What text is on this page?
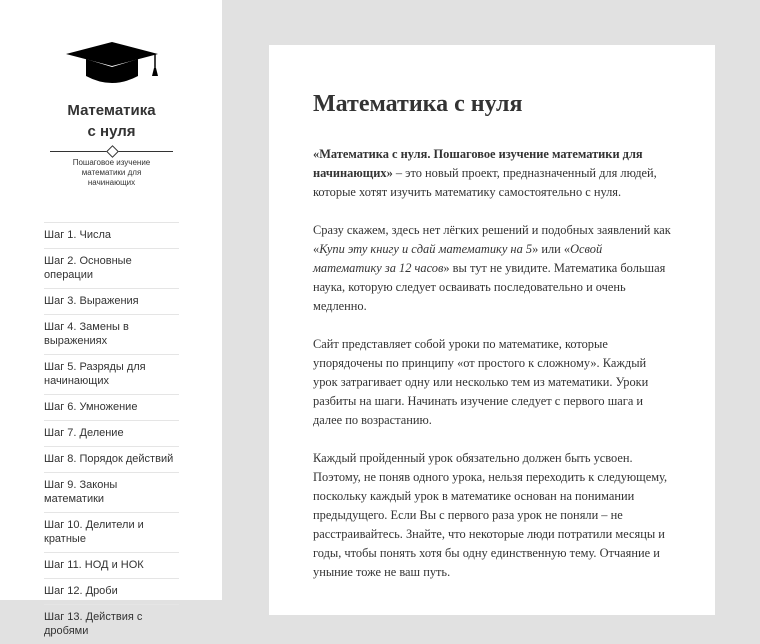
Математика
с нуля
Пошаговое изучение
математики для
начинающих
Шаг 1. Числа
Шаг 2. Основные операции
Шаг 3. Выражения
Шаг 4. Замены в выражениях
Шаг 5. Разряды для начинающих
Шаг 6. Умножение
Шаг 7. Деление
Шаг 8. Порядок действий
Шаг 9. Законы математики
Шаг 10. Делители и кратные
Шаг 11. НОД и НОК
Шаг 12. Дроби
Шаг 13. Действия с дробями
Математика с нуля

«Математика с нуля. Пошаговое изучение математики для начинающих» – это новый проект, предназначенный для людей, которые хотят изучить математику самостоятельно с нуля.

Сразу скажем, здесь нет лёгких решений и подобных заявлений как «Купи эту книгу и сдай математику на 5» или «Освой математику за 12 часов» вы тут не увидите. Математика большая наука, которую следует осваивать последовательно и очень медленно.

Сайт представляет собой уроки по математике, которые упорядочены по принципу «от простого к сложному». Каждый урок затрагивает одну или несколько тем из математики. Уроки разбиты на шаги. Начинать изучение следует с первого шага и далее по возрастанию.

Каждый пройденный урок обязательно должен быть усвоен. Поэтому, не поняв одного урока, нельзя переходить к следующему, поскольку каждый урок в математике основан на понимании предыдущего. Если Вы с первого раза урок не поняли – не расстраивайтесь. Знайте, что некоторые люди потратили месяцы и годы, чтобы понять хотя бы одну единственную тему. Отчаяние и уныние тоже не ваш путь.
